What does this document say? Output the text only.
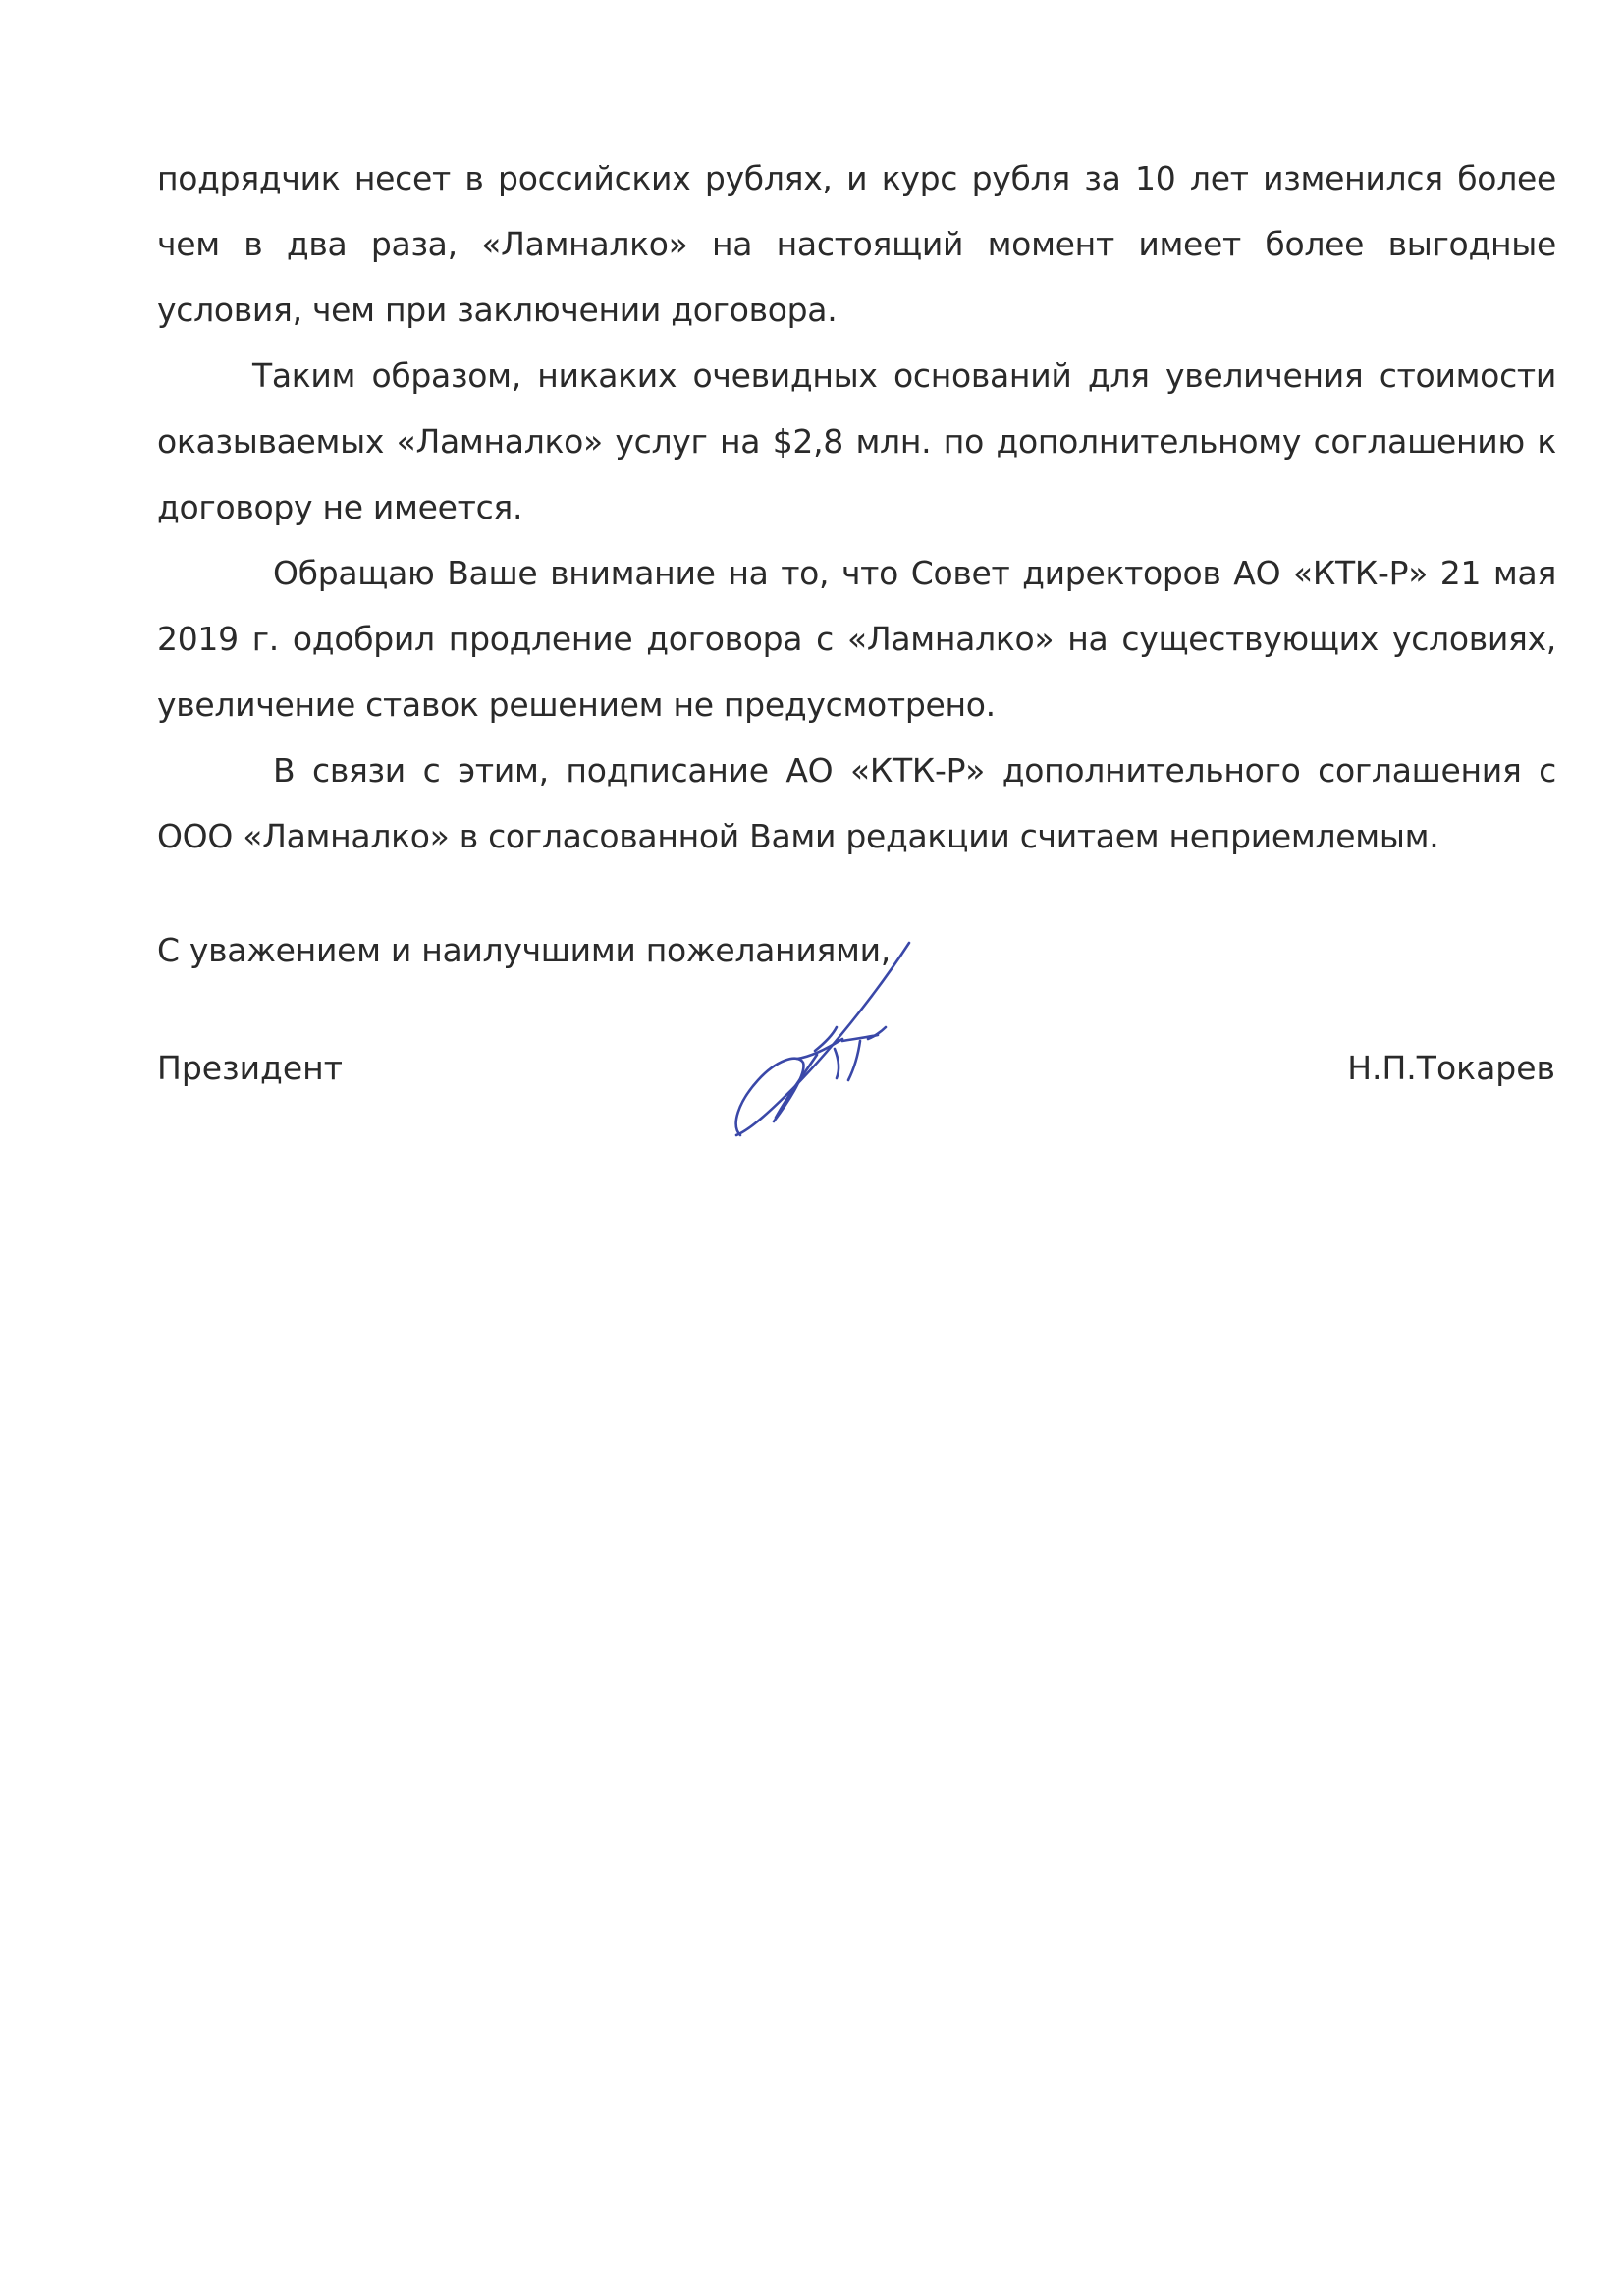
подрядчик несет в российских рублях, и курс рубля за 10 лет изменился более чем в два раза, «Ламналко» на настоящий момент имеет более выгодные условия, чем при заключении договора.

Таким образом, никаких очевидных оснований для увеличения стоимости оказываемых «Ламналко» услуг на $2,8 млн. по дополнительному соглашению к договору не имеется.

Обращаю Ваше внимание на то, что Совет директоров АО «КТК-Р» 21 мая 2019 г. одобрил продление договора с «Ламналко» на существующих условиях, увеличение ставок решением не предусмотрено.

В связи с этим, подписание АО «КТК-Р» дополнительного соглашения с ООО «Ламналко» в согласованной Вами редакции считаем неприемлемым.

С уважением и наилучшими пожеланиями,
Президент	Н.П.Токарев
